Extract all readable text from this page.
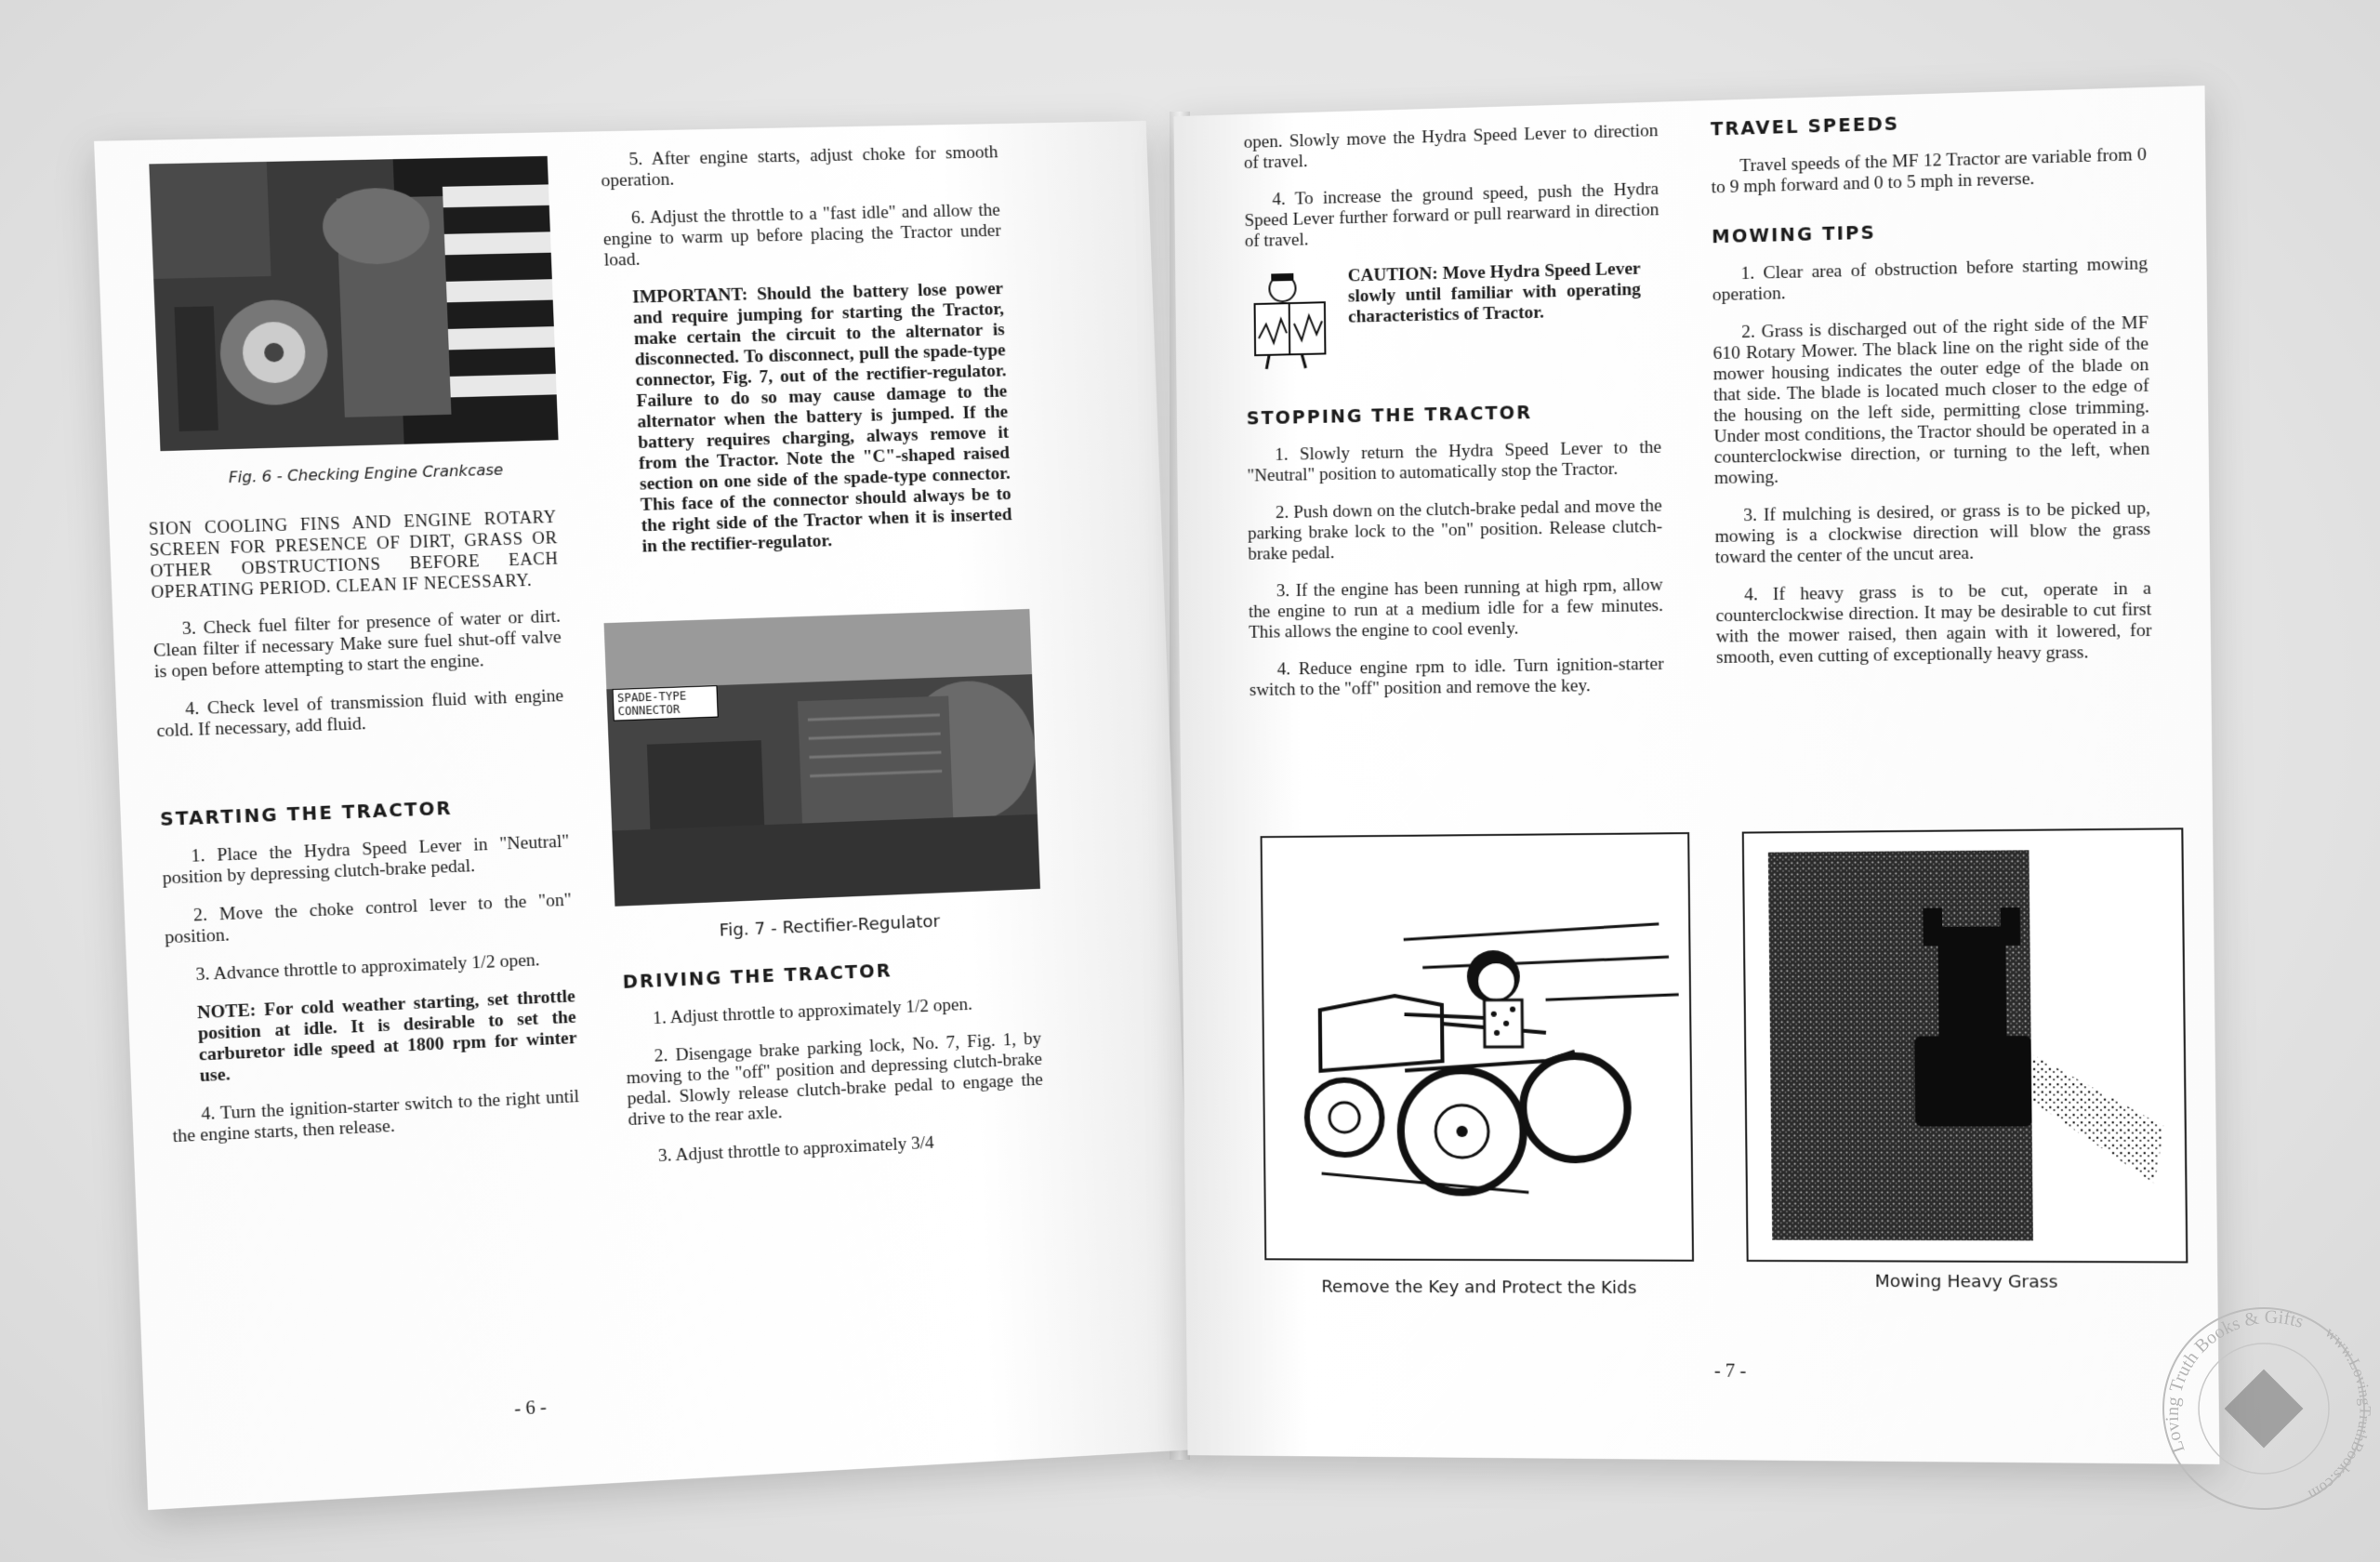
Fig. 6 - Checking Engine Crankcase

SION COOLING FINS AND ENGINE ROTARY SCREEN FOR PRESENCE OF DIRT, GRASS OR OTHER OBSTRUCTIONS BEFORE EACH OPERATING PERIOD. CLEAN IF NECESSARY.

3. Check fuel filter for presence of water or dirt. Clean filter if necessary Make sure fuel shut-off valve is open before attempting to start the engine.

4. Check level of transmission fluid with engine cold. If necessary, add fluid.

STARTING THE TRACTOR

1. Place the Hydra Speed Lever in "Neutral" position by depressing clutch-brake pedal.

2. Move the choke control lever to the "on" position.

3. Advance throttle to approximately 1/2 open.

NOTE: For cold weather starting, set throttle position at idle. It is desirable to set the carburetor idle speed at 1800 rpm for winter use.

4. Turn the ignition-starter switch to the right until the engine starts, then release.

5. After engine starts, adjust choke for smooth operation.

6. Adjust the throttle to a "fast idle" and allow the engine to warm up before placing the Tractor under load.

IMPORTANT: Should the battery lose power and require jumping for starting the Tractor, make certain the circuit to the alternator is disconnected. To disconnect, pull the spade-type connector, Fig. 7, out of the rectifier-regulator. Failure to do so may cause damage to the alternator when the battery is jumped. If the battery requires charging, always remove it from the Tractor. Note the "C"-shaped raised section on one side of the spade-type connector. This face of the connector should always be to the right side of the Tractor when it is inserted in the rectifier-regulator.

SPADE-TYPE CONNECTOR
Fig. 7 - Rectifier-Regulator
DRIVING THE TRACTOR

1. Adjust throttle to approximately 1/2 open.

2. Disengage brake parking lock, No. 7, Fig. 1, by moving to the "off" position and depressing clutch-brake pedal. Slowly release clutch-brake pedal to engage the drive to the rear axle.

3. Adjust throttle to approximately 3/4

- 6 -

open. Slowly move the Hydra Speed Lever to direction of travel.

4. To increase the ground speed, push the Hydra Speed Lever further forward or pull rearward in direction of travel.

CAUTION: Move Hydra Speed Lever slowly until familiar with operating characteristics of Tractor.

STOPPING THE TRACTOR

1. Slowly return the Hydra Speed Lever to the "Neutral" position to automatically stop the Tractor.

2. Push down on the clutch-brake pedal and move the parking brake lock to the "on" position. Release clutch-brake pedal.

3. If the engine has been running at high rpm, allow the engine to run at a medium idle for a few minutes. This allows the engine to cool evenly.

4. Reduce engine rpm to idle. Turn ignition-starter switch to the "off" position and remove the key.

TRAVEL SPEEDS

Travel speeds of the MF 12 Tractor are variable from 0 to 9 mph forward and 0 to 5 mph in reverse.

MOWING TIPS

1. Clear area of obstruction before starting mowing operation.

2. Grass is discharged out of the right side of the MF 610 Rotary Mower. The black line on the right side of the mower housing indicates the outer edge of the blade on that side. The blade is located much closer to the edge of the housing on the left side, permitting close trimming. Under most conditions, the Tractor should be operated in a counterclockwise direction, or turning to the left, when mowing.

3. If mulching is desired, or grass is to be picked up, mowing is a clockwise direction will blow the grass toward the center of the uncut area.

4. If heavy grass is to be cut, operate in a counterclockwise direction. It may be desirable to cut first with the mower raised, then again with it lowered, for smooth, even cutting of exceptionally heavy grass.

Remove the Key and Protect the Kids	Mowing Heavy Grass
- 7 -
Loving Truth Books & Gifts
www.LovingTruthBooks.com
